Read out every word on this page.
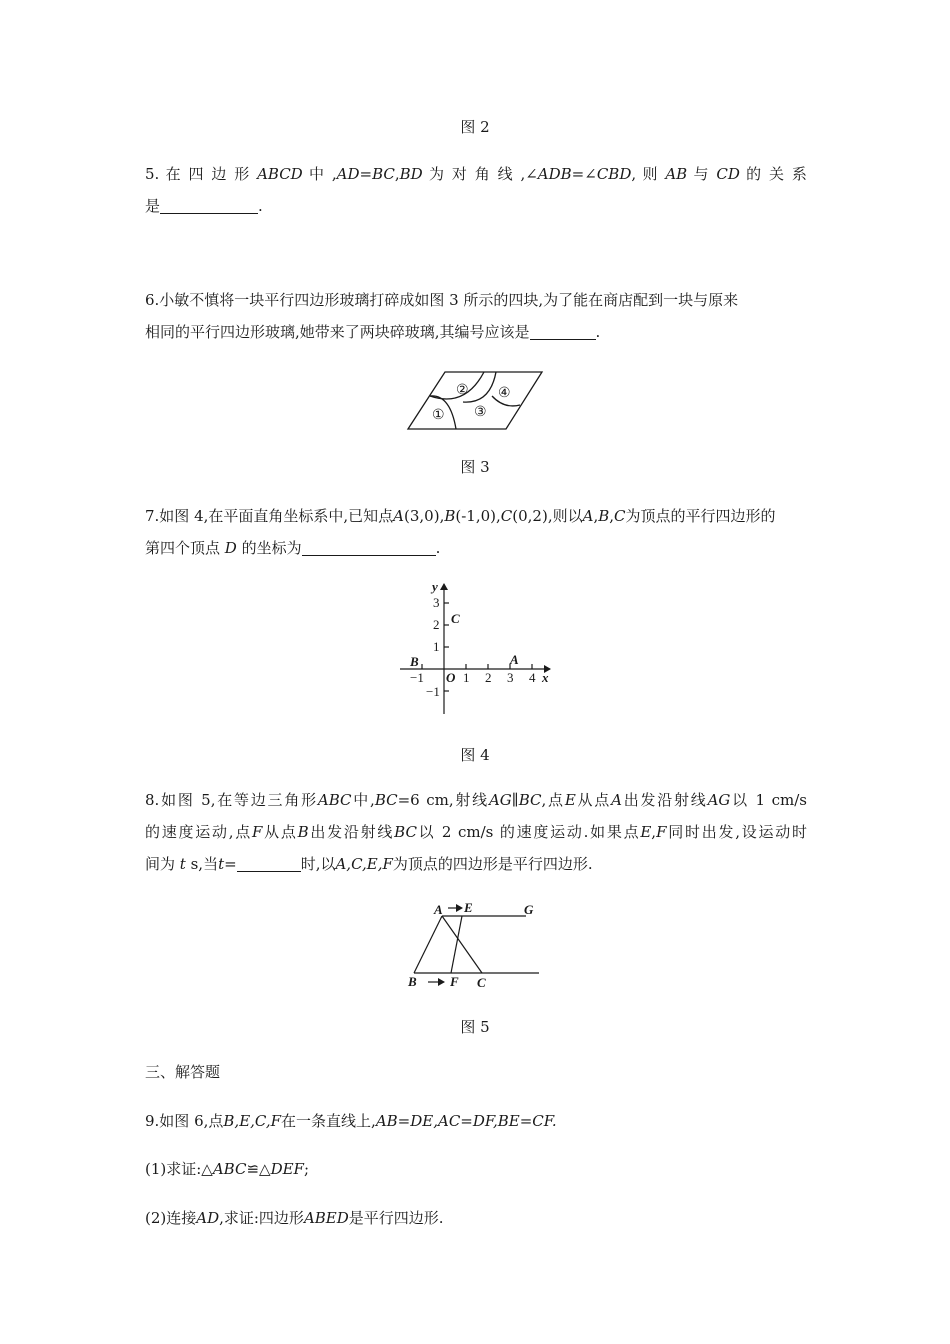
图 2
5. 在 四 边 形 ABCD 中 ,AD=BC,BD 为 对 角 线 ,∠ADB=∠CBD, 则 AB 与 CD 的 关 系
是	.
6.小敏不慎将一块平行四边形玻璃打碎成如图 3 所示的四块,为了能在商店配到一块与原来
相同的平行四边形玻璃,她带来了两块碎玻璃,其编号应该是	.
①
②
③
④
图 3
7.如图 4,在平面直角坐标系中,已知点A(3,0),B(-1,0),C(0,2),则以A,B,C为顶点的平行四边形的
第四个顶点 D 的坐标为	.
y
x
O
3
2
1
−1
−1	1 2 3 4
B
C
A
图 4
8.如图 5,在等边三角形ABC中,BC=6 cm,射线AG∥BC,点E从点A出发沿射线AG以 1 cm/s
的速度运动,点F从点B出发沿射线BC以 2 cm/s 的速度运动.如果点E,F同时出发,设运动时
间为 t s,当t=	时,以A,C,E,F为顶点的四边形是平行四边形.
A E	G
B	F C
图 5
三、解答题
9.如图 6,点B,E,C,F在一条直线上,AB=DE,AC=DF,BE=CF.
(1)求证:△ABC≌△DEF;
(2)连接AD,求证:四边形ABED是平行四边形.
